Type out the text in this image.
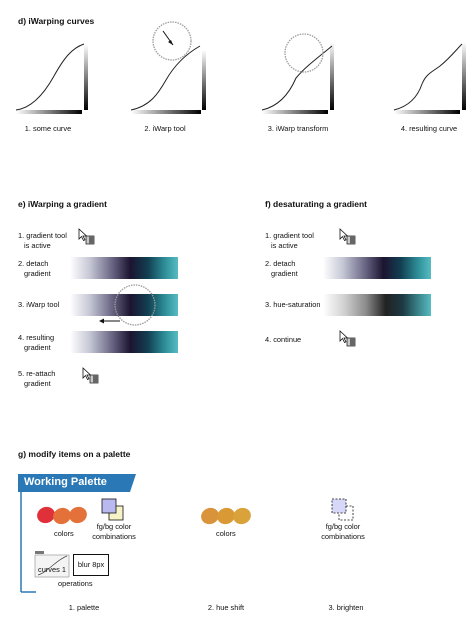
d) iWarping curves
1. some curve	2. iWarp tool	3. iWarp transform	4. resulting curve
e) iWarping a gradient
1. gradient tool
is active
2. detach
gradient
3. iWarp tool
4. resulting
gradient
5. re-attach
gradient
f) desaturating a gradient
1. gradient tool
is active
2. detach
gradient
3. hue-saturation
4. continue
g) modify items on a palette
Working Palette
colors
fg/bg color
combinations
curves 1
blur 8px
operations
colors
fg/bg color
combinations
1. palette	2. hue shift	3. brighten
